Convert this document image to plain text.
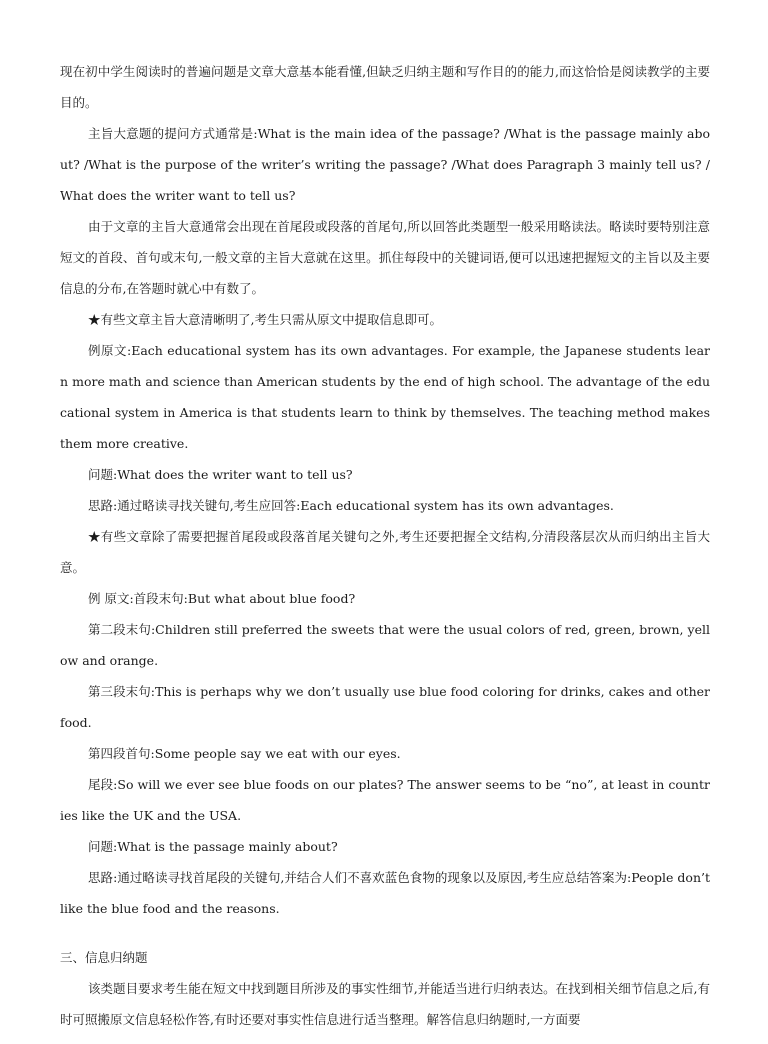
现在初中学生阅读时的普遍问题是文章大意基本能看懂,但缺乏归纳主题和写作目的的能力,而这恰恰是阅读教学的主要目的。

主旨大意题的提问方式通常是:What is the main idea of the passage? /What is the passage mainly about? /What is the purpose of the writer’s writing the passage? /What does Paragraph 3 mainly tell us? /What does the writer want to tell us?

由于文章的主旨大意通常会出现在首尾段或段落的首尾句,所以回答此类题型一般采用略读法。略读时要特别注意短文的首段、首句或末句,一般文章的主旨大意就在这里。抓住每段中的关键词语,便可以迅速把握短文的主旨以及主要信息的分布,在答题时就心中有数了。

★有些文章主旨大意清晰明了,考生只需从原文中提取信息即可。

例原文:Each educational system has its own advantages. For example, the Japanese students learn more math and science than American students by the end of high school. The advantage of the educational system in America is that students learn to think by themselves. The teaching method makes them more creative.

问题:What does the writer want to tell us?

思路:通过略读寻找关键句,考生应回答:Each educational system has its own advantages.

★有些文章除了需要把握首尾段或段落首尾关键句之外,考生还要把握全文结构,分清段落层次从而归纳出主旨大意。

例 原文:首段末句:But what about blue food?

第二段末句:Children still preferred the sweets that were the usual colors of red, green, brown, yellow and orange.

第三段末句:This is perhaps why we don’t usually use blue food coloring for drinks, cakes and other food.

第四段首句:Some people say we eat with our eyes.

尾段:So will we ever see blue foods on our plates? The answer seems to be “no”, at least in countries like the UK and the USA.

问题:What is the passage mainly about?

思路:通过略读寻找首尾段的关键句,并结合人们不喜欢蓝色食物的现象以及原因,考生应总结答案为:People don’t like the blue food and the reasons.

三、信息归纳题

该类题目要求考生能在短文中找到题目所涉及的事实性细节,并能适当进行归纳表达。在找到相关细节信息之后,有时可照搬原文信息轻松作答,有时还要对事实性信息进行适当整理。解答信息归纳题时,一方面要
